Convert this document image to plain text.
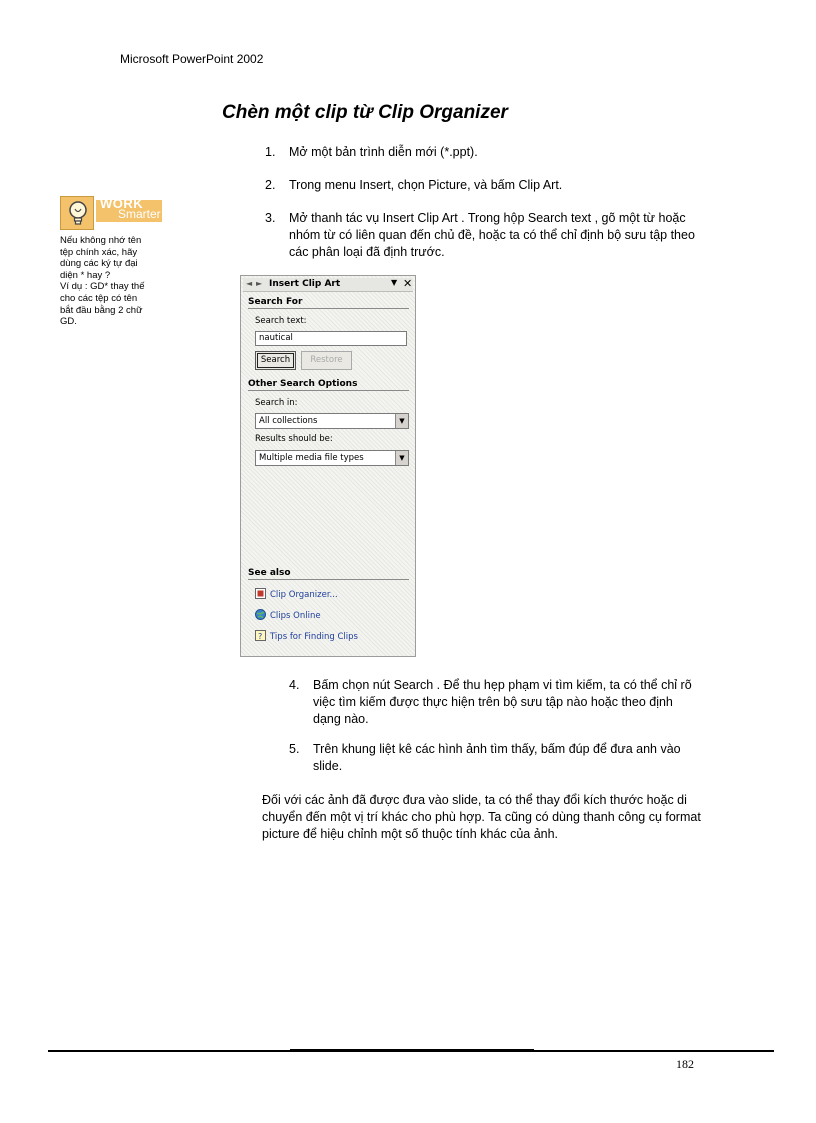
Microsoft PowerPoint 2002
Chèn một clip từ Clip Organizer
1. Mở một bản trình diễn mới (*.ppt).
2. Trong menu Insert, chọn Picture, và bấm Clip Art.
3. Mở thanh tác vụ Insert Clip Art . Trong hộp Search text , gõ một từ hoặc nhóm từ có liên quan đến chủ đề, hoặc ta có thể chỉ định bộ sưu tập theo các phân loại đã định trước.
WORK
Smarter
Nếu không nhớ tên
tệp chính xác, hãy
dùng các ký tự đại
diện * hay ?
Ví dụ : GD* thay thế
cho các tệp có tên
bắt đầu bằng 2 chữ
GD.
◄ ► Insert Clip Art	▼ ✕
Search For
Search text:
nautical
Search	Restore
Other Search Options
Search in:
All collections	▼
Results should be:
Multiple media file types	▼
See also
Clip Organizer...
Clips Online
? Tips for Finding Clips
4. Bấm chọn nút Search . Để thu hẹp phạm vi tìm kiếm, ta có thể chỉ rõ việc tìm kiếm được thực hiện trên bộ sưu tập nào hoặc theo định dạng nào.
5. Trên khung liệt kê các hình ảnh tìm thấy, bấm đúp để đưa anh vào slide.
Đối với các ảnh đã được đưa vào slide, ta có thể thay đổi kích thước hoặc di chuyển đến một vị trí khác cho phù hợp. Ta cũng có dùng thanh công cụ format picture để hiệu chỉnh một số thuộc tính khác của ảnh.
182
